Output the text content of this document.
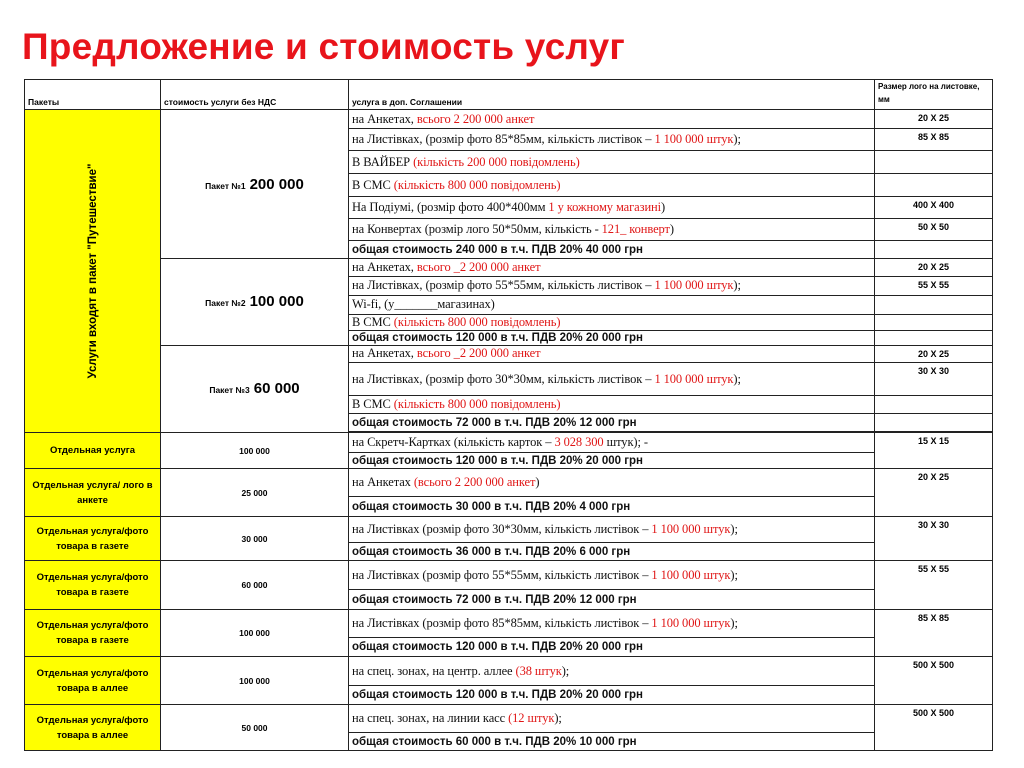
Предложение и стоимость услуг
Пакеты	стоимость услуги без НДС	услуга в доп. Соглашении	Размер лого на листовке, мм

Услуги входят в пакет "Путешествие"	Пакет №1 200 000	на Анкетах, всього 2 200 000 анкет	20 Х 25
		на Листівках, (розмір фото 85*85мм, кількість листівок – 1 100 000 штук);	85 Х 85
		В ВАЙБЕР (кількість 200 000 повідомлень)	
		В СМС (кількість 800 000 повідомлень)	
		На Подіумі, (розмір фото 400*400мм 1 у кожному магазині)	400 Х 400
		на Конвертах (розмір лого 50*50мм, кількість - 121_ конверт)	50 Х 50
		общая стоимость 240 000 в т.ч. ПДВ 20% 40 000 грн	
	Пакет №2 100 000	на Анкетах, всього _2 200 000 анкет	20 Х 25
		на Листівках, (розмір фото 55*55мм, кількість листівок – 1 100 000 штук);	55 Х 55
		Wi-fi, (у_______магазинах)	
		В СМС (кількість 800 000 повідомлень)	
		общая стоимость 120 000 в т.ч. ПДВ 20% 20 000 грн	
	Пакет №3 60 000	на Анкетах, всього _2 200 000 анкет	20 Х 25
		на Листівках, (розмір фото 30*30мм, кількість листівок – 1 100 000 штук);	30 Х 30
		В СМС (кількість 800 000 повідомлень)	
		общая стоимость 72 000 в т.ч. ПДВ 20% 12 000 грн	

Отдельная услуга	100 000	на Скретч-Картках (кількість карток – 3 028 300 штук); -	15 Х 15
		общая стоимость 120 000 в т.ч. ПДВ 20% 20 000 грн	
Отдельная услуга/ лого в анкете	25 000	на Анкетах (всього 2 200 000 анкет)	20 Х 25
		общая стоимость 30 000 в т.ч. ПДВ 20% 4 000 грн	
Отдельная услуга/фото товара в газете	30 000	на Листівках (розмір фото 30*30мм, кількість листівок – 1 100 000 штук);	30 Х 30
		общая стоимость 36 000 в т.ч. ПДВ 20% 6 000 грн	
Отдельная услуга/фото товара в газете	60 000	на Листівках (розмір фото 55*55мм, кількість листівок – 1 100 000 штук);	55 Х 55
		общая стоимость 72 000 в т.ч. ПДВ 20% 12 000 грн	
Отдельная услуга/фото товара в газете	100 000	на Листівках (розмір фото 85*85мм, кількість листівок – 1 100 000 штук);	85 Х 85
		общая стоимость 120 000 в т.ч. ПДВ 20% 20 000 грн	
Отдельная услуга/фото товара в аллее	100 000	на спец. зонах, на центр. аллее (38 штук);	500 Х 500
		общая стоимость 120 000 в т.ч. ПДВ 20% 20 000 грн	
Отдельная услуга/фото товара в аллее	50 000	на спец. зонах, на линии касс (12 штук);	500 Х 500
		общая стоимость 60 000 в т.ч. ПДВ 20% 10 000 грн	
